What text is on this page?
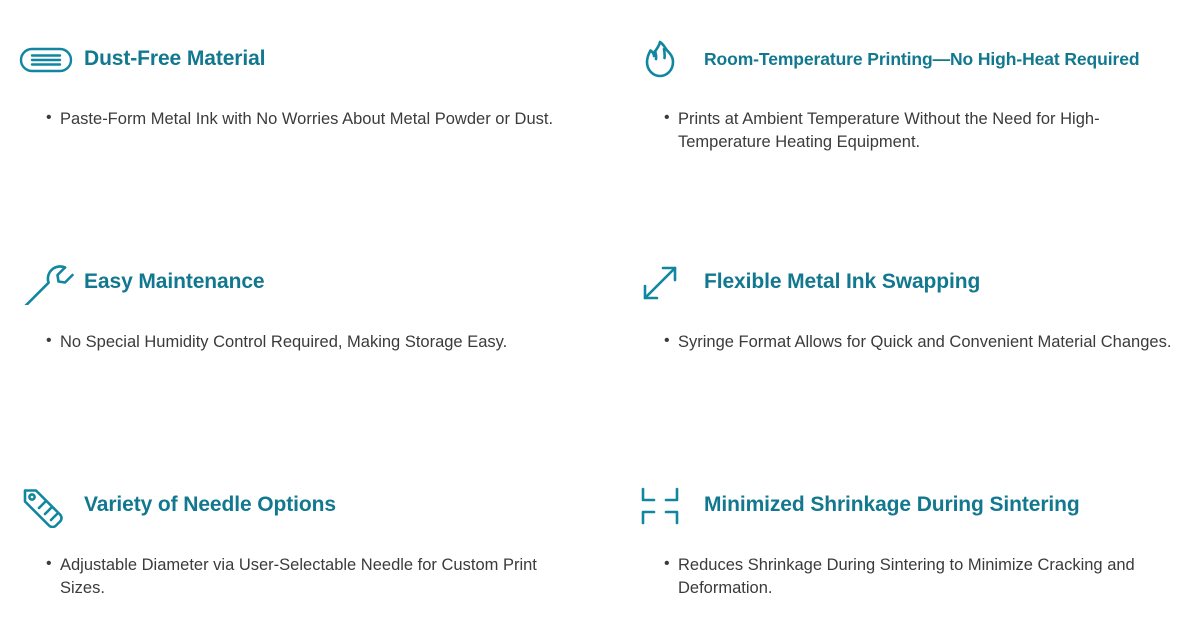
Dust-Free Material
• Paste-Form Metal Ink with No Worries About Metal Powder or Dust.
Room-Temperature Printing—No High-Heat Required
• Prints at Ambient Temperature Without the Need for High-Temperature Heating Equipment.
Easy Maintenance
• No Special Humidity Control Required, Making Storage Easy.
Flexible Metal Ink Swapping
• Syringe Format Allows for Quick and Convenient Material Changes.
Variety of Needle Options
• Adjustable Diameter via User-Selectable Needle for Custom Print Sizes.
Minimized Shrinkage During Sintering
• Reduces Shrinkage During Sintering to Minimize Cracking and Deformation.
